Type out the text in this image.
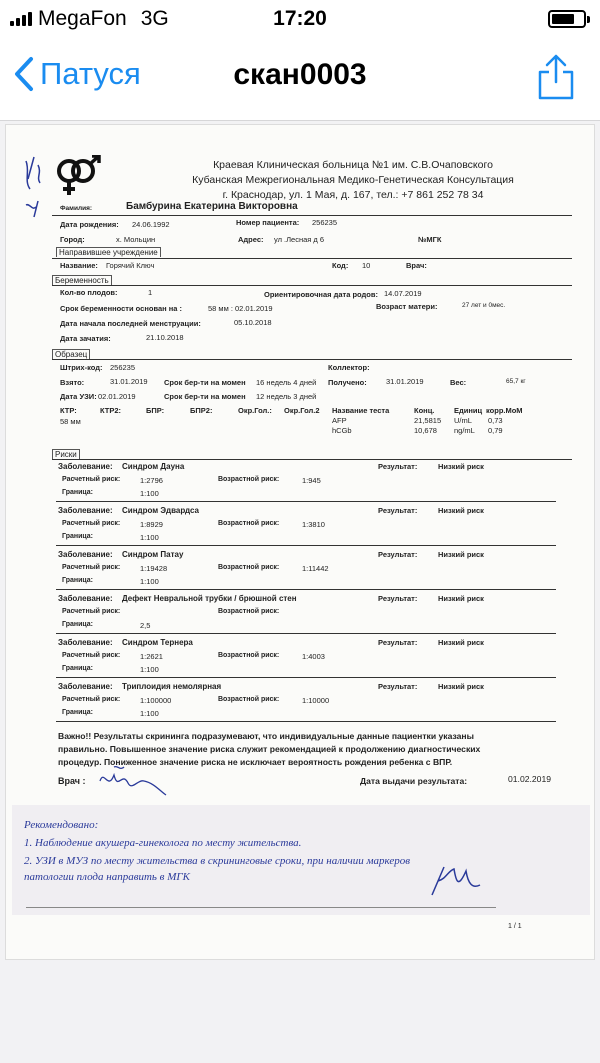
MegaFon 3G	17:20
Патуся	скан0003
Краевая Клиническая больница №1 им. С.В.Очаповского
Кубанская Межрегиональная Медико-Генетическая Консультация
г. Краснодар, ул. 1 Мая, д. 167, тел.: +7 861 252 78 34
Фамилия:	Бамбурина Екатерина Викторовна
Дата рождения: 24.06.1992	Номер пациента: 256235
Город:	х. Мольцин	Адрес: ул .Лесная д 6	№МГК
Направившее учреждение
Название: Горячий Ключ	Код: 10	Врач:
Беременность
Кол-во плодов:	1	Ориентировочная дата родов: 14.07.2019
Срок беременности основан на :	58 мм : 02.01.2019	Возраст матери:	27 лет и 0мес.
Дата начала последней менструации:	05.10.2018
Дата зачатия:	21.10.2018
Образец
Штрих-код: 256235	Коллектор:
Взято:	31.01.2019 Срок бер-ти на момен 16 недель 4 дней Получено:	31.01.2019	Вес:	65,7 кг
Дата УЗИ: 02.01.2019	Срок бер-ти на момен 12 недель 3 дней
КТР:	КТР2:	БПР:	БПР2:	Окр.Гол.: Окр.Гол.2
58 мм
Название теста	Конц.	Единиц корр.МоМ
AFP	21,5815 U/mL 0,73
hCGb	10,678 ng/mL 0,79
Риски
Заболевание: Синдром Дауна	Результат:	Низкий риск
Расчетный риск:	1:2796	Возрастной риск:	1:945
Граница:	1:100
Заболевание: Синдром Эдвардса	Результат:	Низкий риск
Расчетный риск:	1:8929	Возрастной риск:	1:3810
Граница:	1:100
Заболевание: Синдром Патау	Результат:	Низкий риск
Расчетный риск:	1:19428	Возрастной риск:	1:11442
Граница:	1:100
Заболевание: Дефект Невральной трубки / брюшной стен	Результат:	Низкий риск
Расчетный риск:	Возрастной риск:
Граница:	2,5
Заболевание: Синдром Тернера	Результат:	Низкий риск
Расчетный риск:	1:2621	Возрастной риск:	1:4003
Граница:	1:100
Заболевание: Триплоидия немолярная	Результат:	Низкий риск
Расчетный риск:	1:100000	Возрастной риск:	1:10000
Граница:	1:100
Важно!! Результаты скрининга подразумевают, что индивидуальные данные пациентки указаны
правильно. Повышенное значение риска служит рекомендацией к продолжению диагностических
процедур. Пониженное значение риска не исключает вероятность рождения ребенка с ВПР.
Врач :	Дата выдачи результата:	01.02.2019
Рекомендовано:
1. Наблюдение акушера-гинеколога по месту жительства.
2. УЗИ в МУЗ по месту жительства в скрининговые сроки, при наличии маркеров
патологии плода направить в МГК
1 / 1
